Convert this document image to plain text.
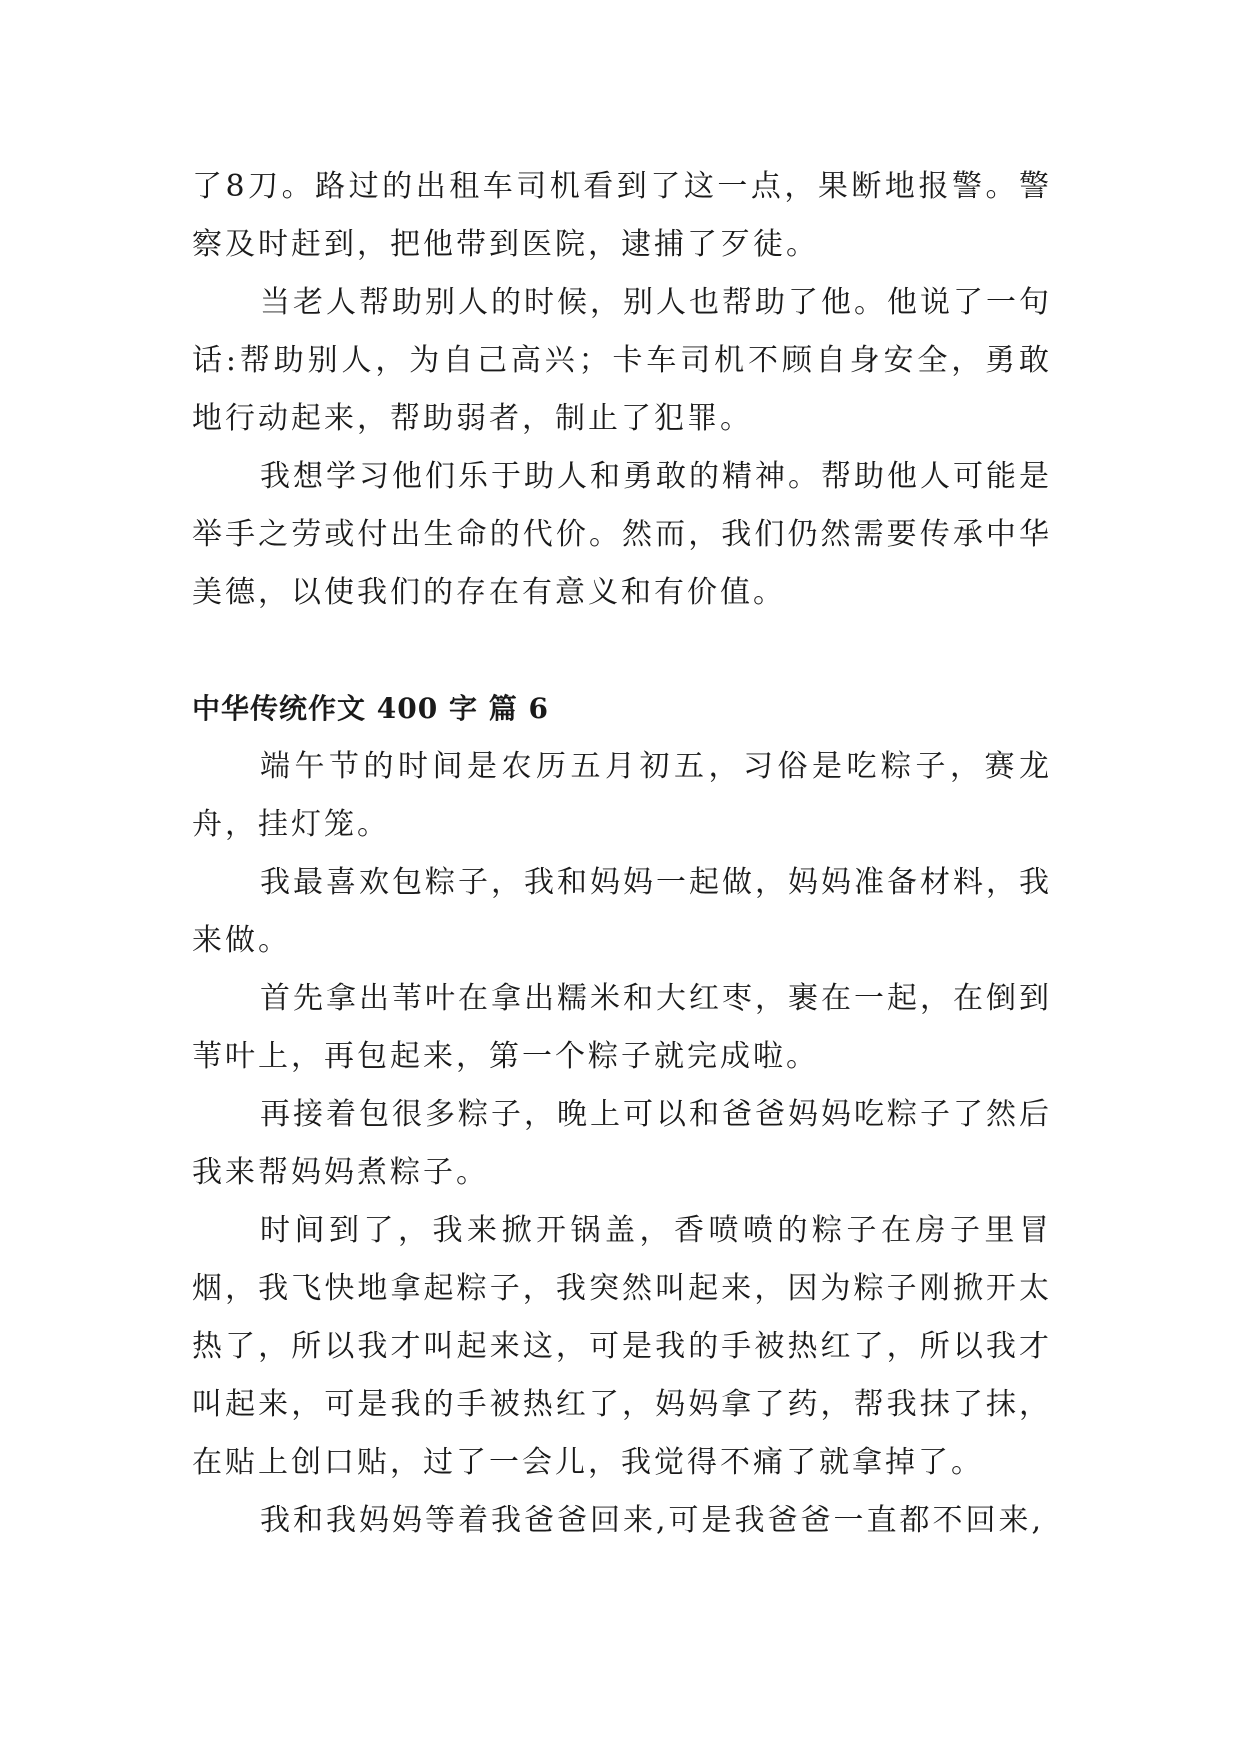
了8刀。路过的出租车司机看到了这一点，果断地报警。警察及时赶到，把他带到医院，逮捕了歹徒。

当老人帮助别人的时候，别人也帮助了他。他说了一句话:帮助别人，为自己高兴；卡车司机不顾自身安全，勇敢地行动起来，帮助弱者，制止了犯罪。

我想学习他们乐于助人和勇敢的精神。帮助他人可能是举手之劳或付出生命的代价。然而，我们仍然需要传承中华美德，以使我们的存在有意义和有价值。

中华传统作文 400 字 篇 6

端午节的时间是农历五月初五，习俗是吃粽子，赛龙舟，挂灯笼。

我最喜欢包粽子，我和妈妈一起做，妈妈准备材料，我来做。

首先拿出苇叶在拿出糯米和大红枣，裹在一起，在倒到苇叶上，再包起来，第一个粽子就完成啦。

再接着包很多粽子，晚上可以和爸爸妈妈吃粽子了然后我来帮妈妈煮粽子。

时间到了，我来掀开锅盖，香喷喷的粽子在房子里冒烟，我飞快地拿起粽子，我突然叫起来，因为粽子刚掀开太热了，所以我才叫起来这，可是我的手被热红了，所以我才叫起来，可是我的手被热红了，妈妈拿了药，帮我抹了抹，在贴上创口贴，过了一会儿，我觉得不痛了就拿掉了。

我和我妈妈等着我爸爸回来,可是我爸爸一直都不回来,
